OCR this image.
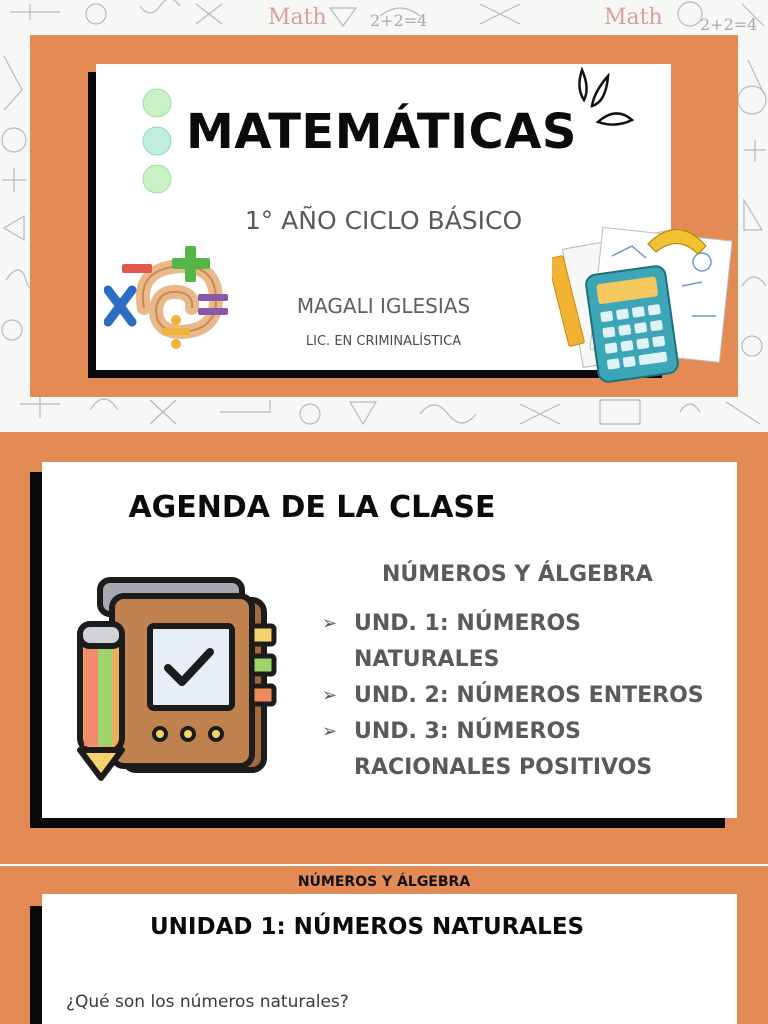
Math	Math
2+2=4	2+2=4
MATEMÁTICAS
1° AÑO CICLO BÁSICO
MAGALI IGLESIAS
LIC. EN CRIMINALÍSTICA
AGENDA DE LA CLASE
NÚMEROS Y ÁLGEBRA
➢ UND. 1: NÚMEROS NATURALES
➢ UND. 2: NÚMEROS ENTEROS
➢ UND. 3: NÚMEROS RACIONALES POSITIVOS
NÚMEROS Y ÁLGEBRA
UNIDAD 1: NÚMEROS NATURALES
¿Qué son los números naturales?
